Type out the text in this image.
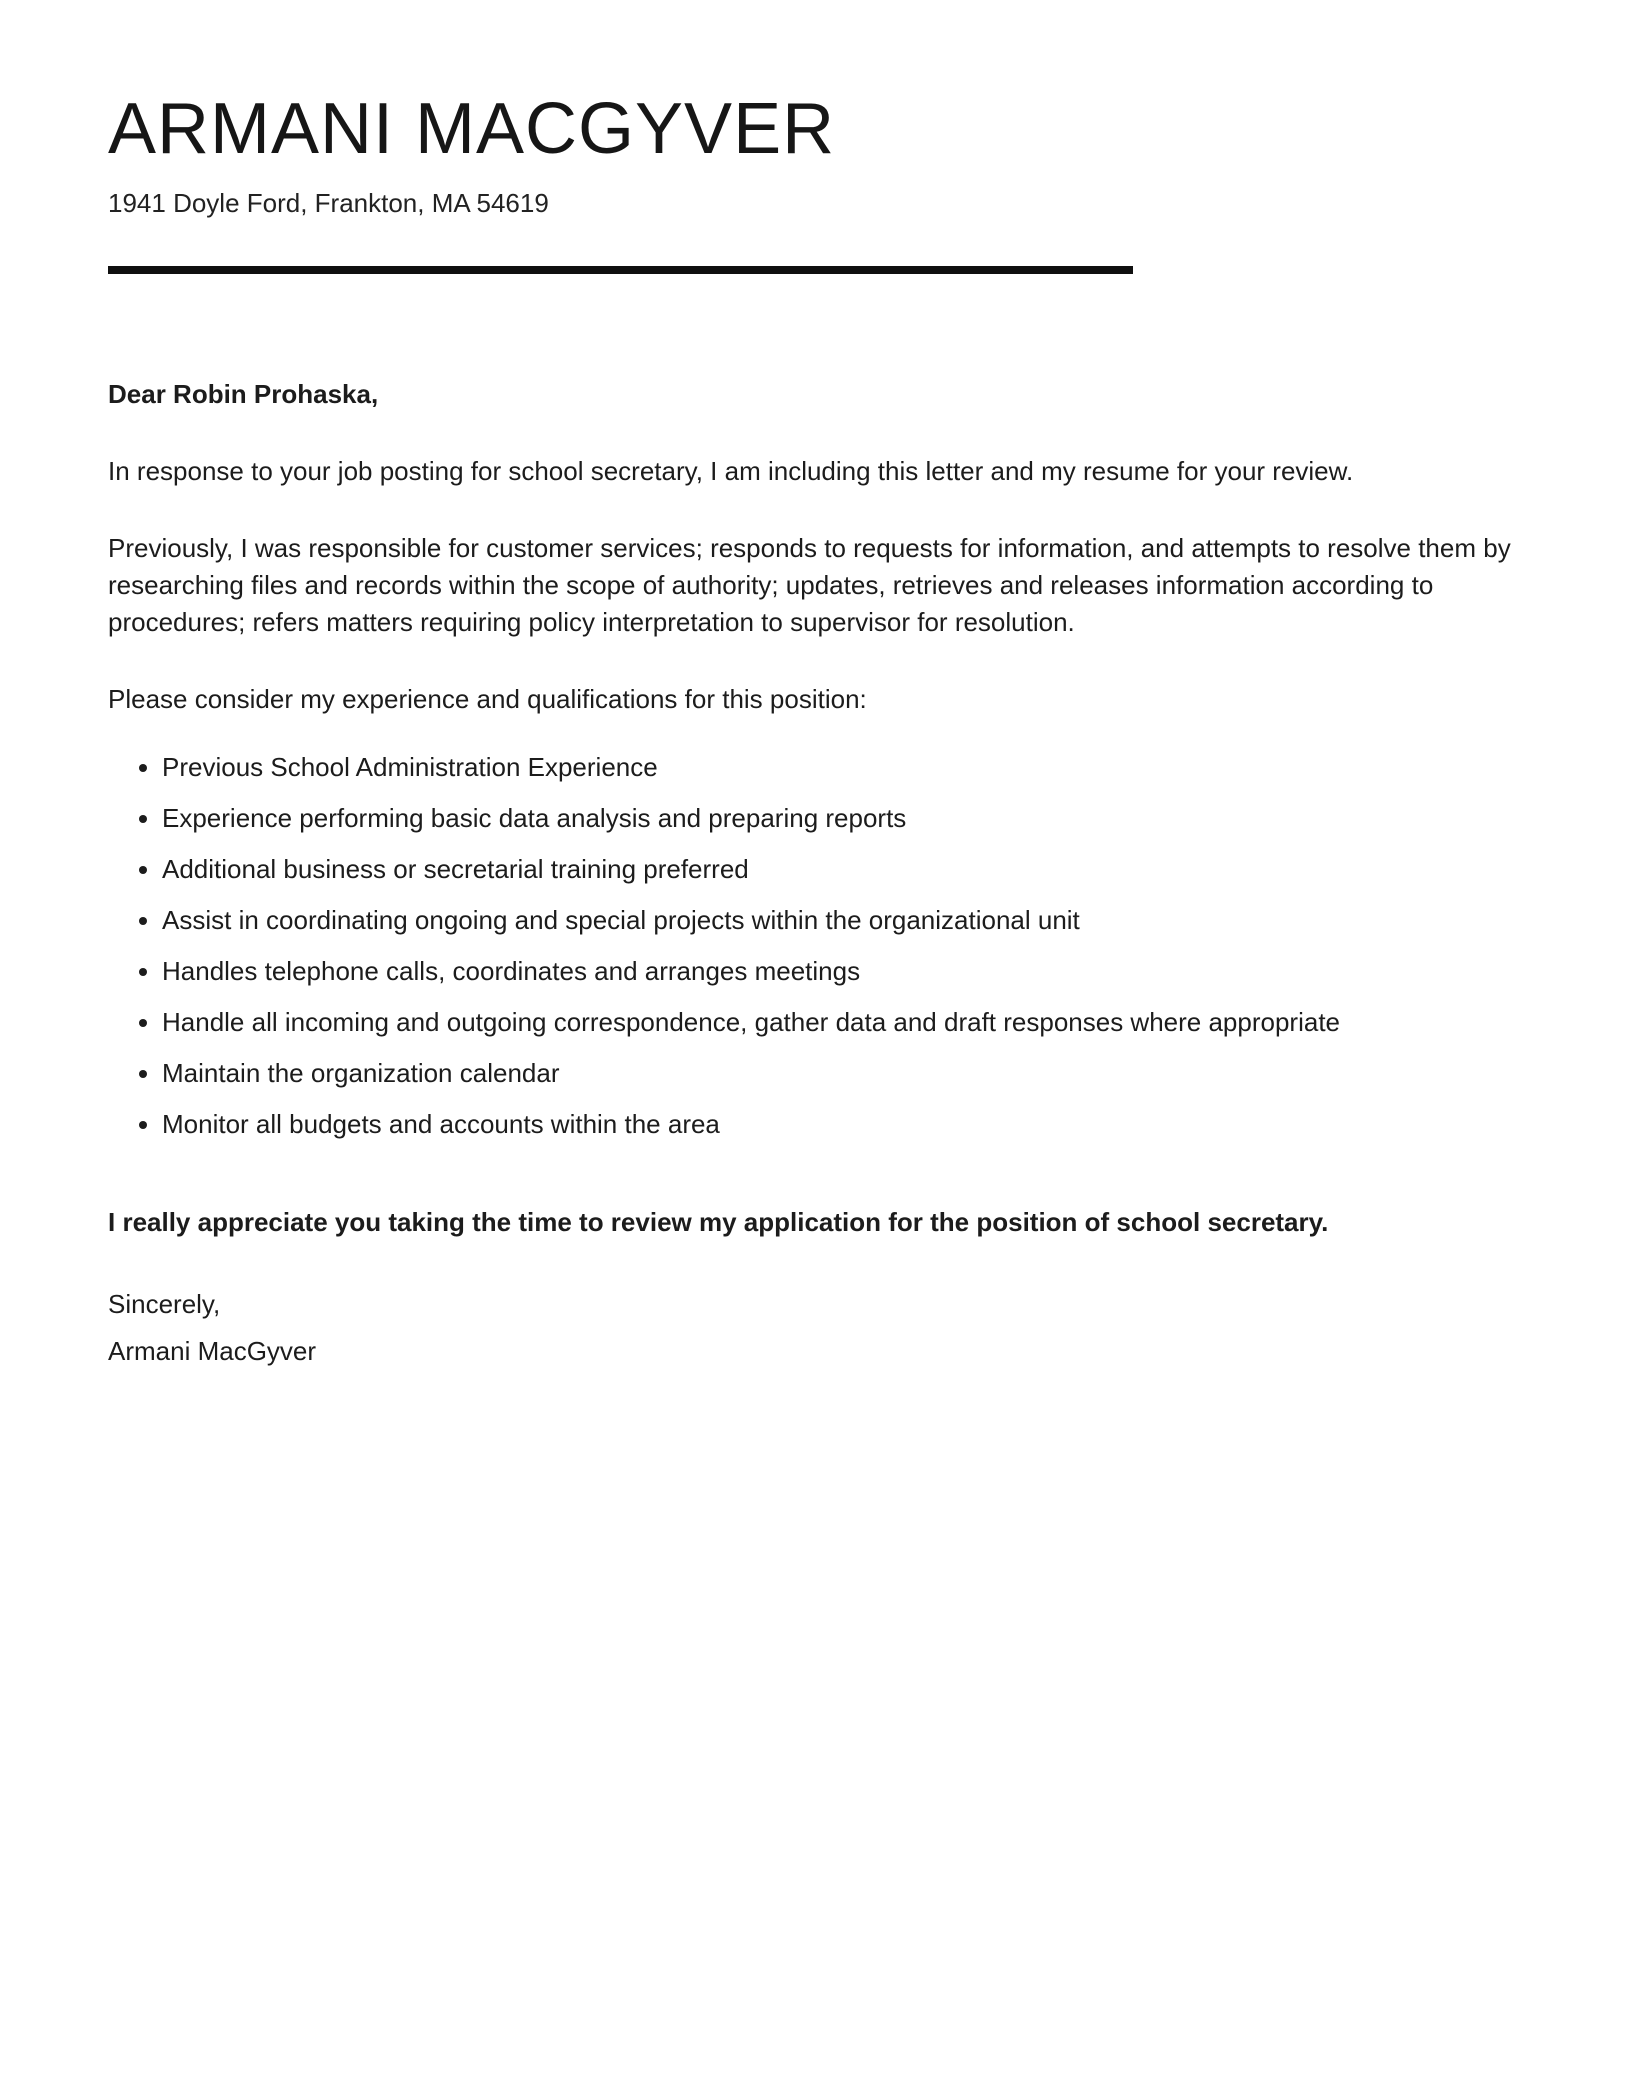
ARMANI MACGYVER
1941 Doyle Ford, Frankton, MA 54619
Dear Robin Prohaska,

In response to your job posting for school secretary, I am including this letter and my resume for your review.

Previously, I was responsible for customer services; responds to requests for information, and attempts to resolve them by researching files and records within the scope of authority; updates, retrieves and releases information according to procedures; refers matters requiring policy interpretation to supervisor for resolution.

Please consider my experience and qualifications for this position:

• Previous School Administration Experience
• Experience performing basic data analysis and preparing reports
• Additional business or secretarial training preferred
• Assist in coordinating ongoing and special projects within the organizational unit
• Handles telephone calls, coordinates and arranges meetings
• Handle all incoming and outgoing correspondence, gather data and draft responses where appropriate
• Maintain the organization calendar
• Monitor all budgets and accounts within the area

I really appreciate you taking the time to review my application for the position of school secretary.

Sincerely,
Armani MacGyver
